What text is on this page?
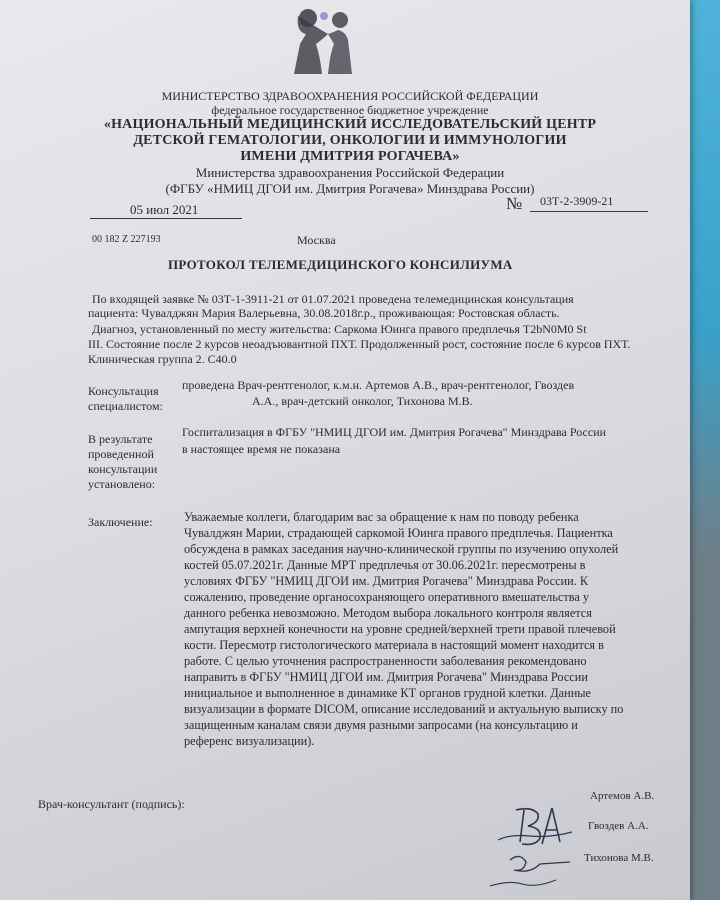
МИНИСТЕРСТВО ЗДРАВООХРАНЕНИЯ РОССИЙСКОЙ ФЕДЕРАЦИИ
федеральное государственное бюджетное учреждение
«НАЦИОНАЛЬНЫЙ МЕДИЦИНСКИЙ ИССЛЕДОВАТЕЛЬСКИЙ ЦЕНТР
ДЕТСКОЙ ГЕМАТОЛОГИИ, ОНКОЛОГИИ И ИММУНОЛОГИИ
ИМЕНИ ДМИТРИЯ РОГАЧЕВА»
Министерства здравоохранения Российской Федерации
(ФГБУ «НМИЦ ДГОИ им. Дмитрия Рогачева» Минздрава России)
05 июл 2021	№ 03Т-2-3909-21
00 182 Z 227193	Москва
ПРОТОКОЛ ТЕЛЕМЕДИЦИНСКОГО КОНСИЛИУМА
По входящей заявке № 03Т-1-3911-21 от 01.07.2021 проведена телемедицинская консультация
пациента: Чувалджян Мария Валерьевна, 30.08.2018г.р., проживающая: Ростовская область.
Диагноз, установленный по месту жительства: Саркома Юинга правого предплечья T2bN0M0 St
III. Состояние после 2 курсов неоадъювантной ПХТ. Продолженный рост, состояние после 6 курсов ПХТ.
Клиническая группа 2. C40.0
Консультация
специалистом:
проведена Врач-рентгенолог, к.м.н. Артемов А.В., врач-рентгенолог, Гвоздев
А.А., врач-детский онколог, Тихонова М.В.
В результате
проведенной
консультации
установлено:
Госпитализация в ФГБУ "НМИЦ ДГОИ им. Дмитрия Рогачева" Минздрава России
в настоящее время не показана
Заключение:	Уважаемые коллеги, благодарим вас за обращение к нам по поводу ребенка
Чувалджян Марии, страдающей саркомой Юинга правого предплечья. Пациентка
обсуждена в рамках заседания научно-клинической группы по изучению опухолей
костей 05.07.2021г. Данные МРТ предплечья от 30.06.2021г. пересмотрены в
условиях ФГБУ "НМИЦ ДГОИ им. Дмитрия Рогачева" Минздрава России. К
сожалению, проведение органосохраняющего оперативного вмешательства у
данного ребенка невозможно. Методом выбора локального контроля является
ампутация верхней конечности на уровне средней/верхней трети правой плечевой
кости. Пересмотр гистологического материала в настоящий момент находится в
работе. С целью уточнения распространенности заболевания рекомендовано
направить в ФГБУ "НМИЦ ДГОИ им. Дмитрия Рогачева" Минздрава России
инициальное и выполненное в динамике КТ органов грудной клетки. Данные
визуализации в формате DICOM, описание исследований и актуальную выписку по
защищенным каналам связи двумя разными запросами (на консультацию и
референс визуализации).
Врач-консультант (подпись):
Артемов А.В.
Гвоздев А.А.
Тихонова М.В.
